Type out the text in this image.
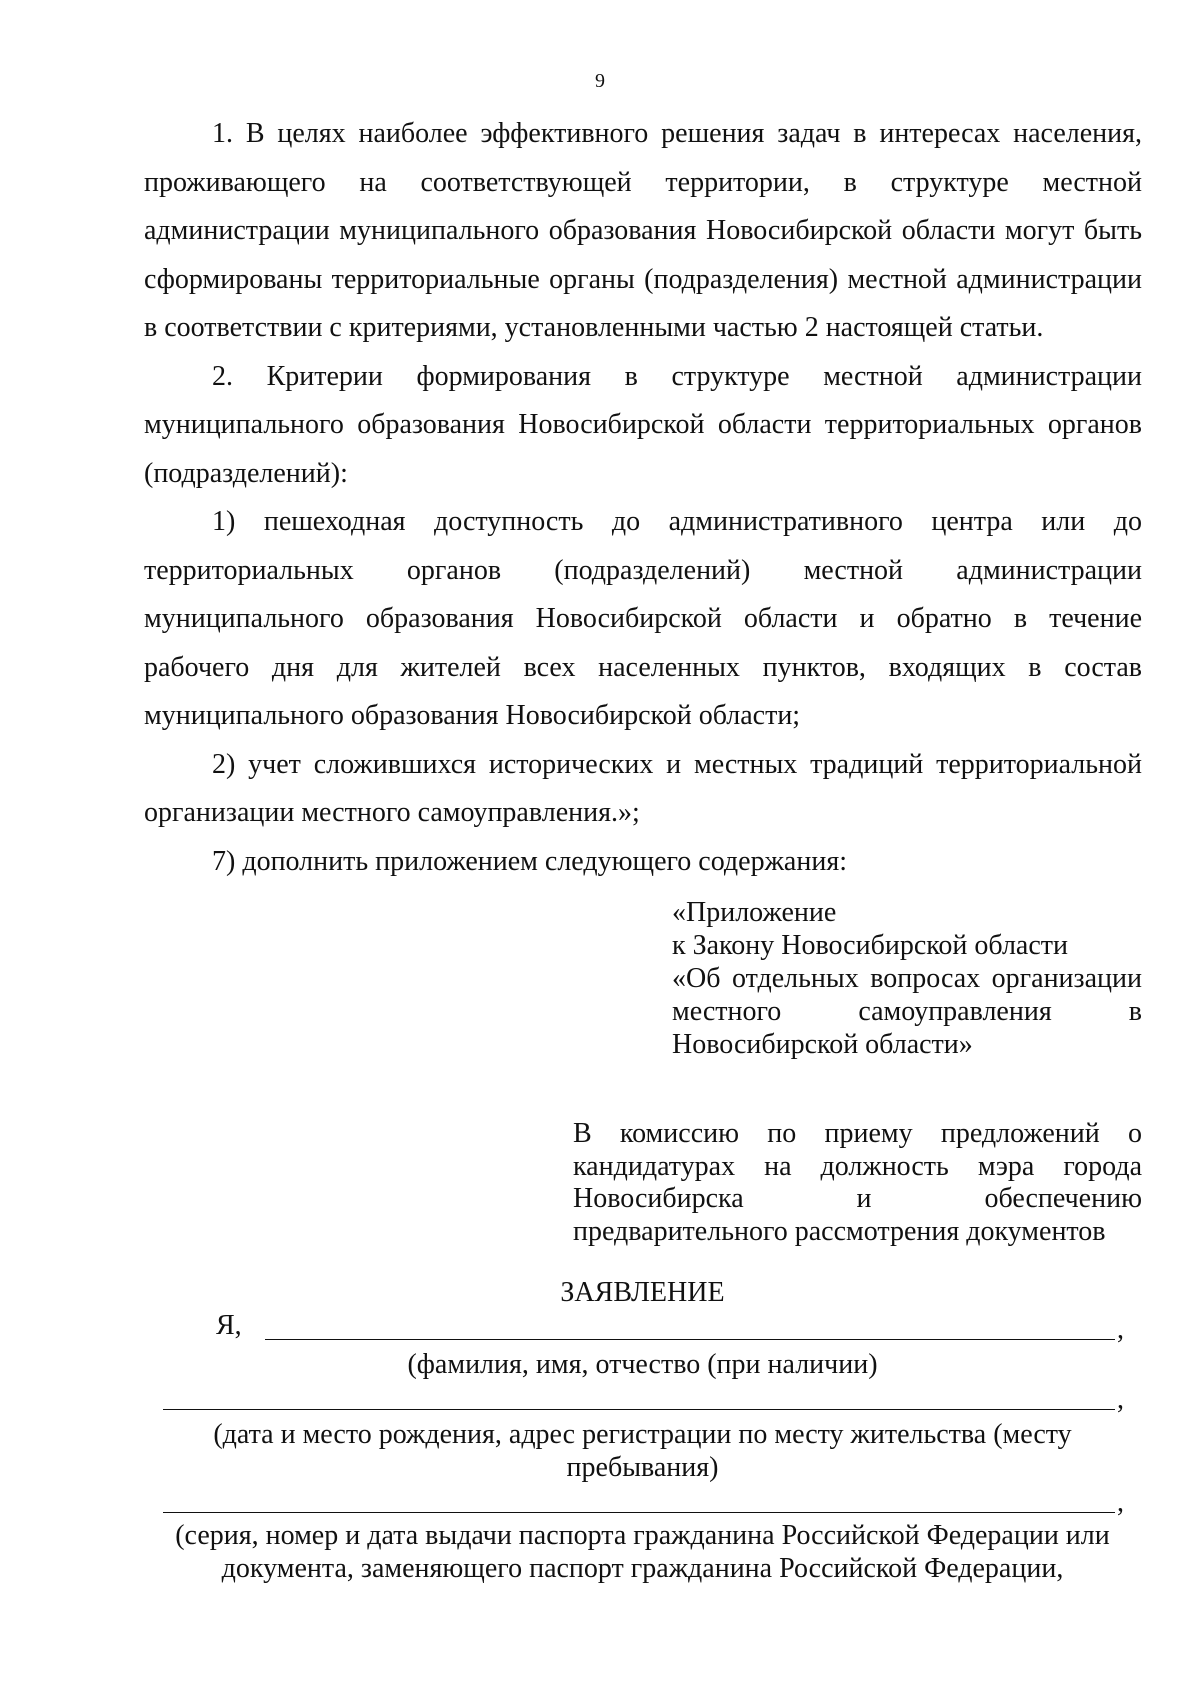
9

1. В целях наиболее эффективного решения задач в интересах населения, проживающего на соответствующей территории, в структуре местной администрации муниципального образования Новосибирской области могут быть сформированы территориальные органы (подразделения) местной администрации в соответствии с критериями, установленными частью 2 настоящей статьи.

2. Критерии формирования в структуре местной администрации муниципального образования Новосибирской области территориальных органов (подразделений):

1) пешеходная доступность до административного центра или до территориальных органов (подразделений) местной администрации муниципального образования Новосибирской области и обратно в течение рабочего дня для жителей всех населенных пунктов, входящих в состав муниципального образования Новосибирской области;

2) учет сложившихся исторических и местных традиций территориальной организации местного самоуправления.»;

7) дополнить приложением следующего содержания:

«Приложение
к Закону Новосибирской области
«Об отдельных вопросах организации
местного самоуправления в
Новосибирской области»
В комиссию по приему предложений о
кандидатурах на должность мэра города
Новосибирска и обеспечению
предварительного рассмотрения документов
ЗАЯВЛЕНИЕ
Я,	,
(фамилия, имя, отчество (при наличии)
,
(дата и место рождения, адрес регистрации по месту жительства (месту
пребывания)
,
(серия, номер и дата выдачи паспорта гражданина Российской Федерации или
документа, заменяющего паспорт гражданина Российской Федерации,
